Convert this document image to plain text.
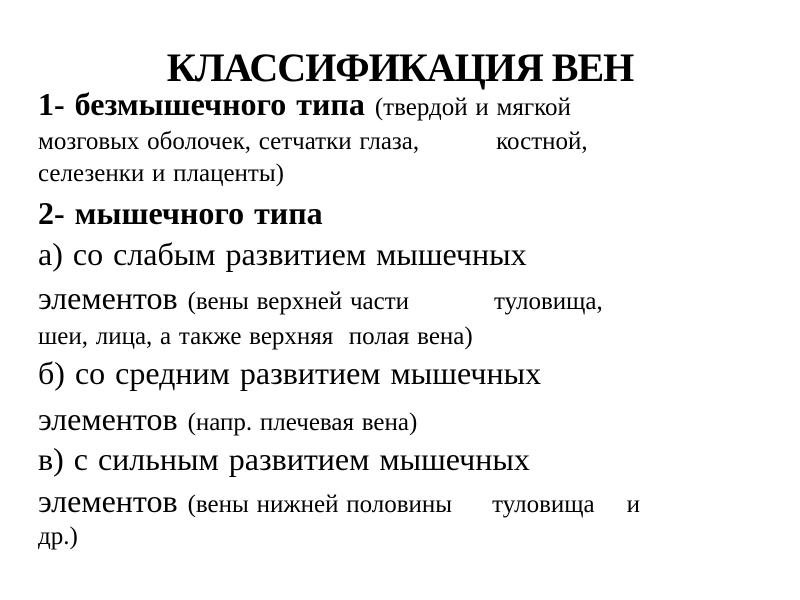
КЛАССИФИКАЦИЯ ВЕН
1- безмышечного типа (твердой и мягкой
мозговых оболочек, сетчатки глаза,	костной,
селезенки и плаценты)
2- мышечного типа
а) со слабым развитием мышечных
элементов (вены верхней части	туловища,
шеи, лица, а также верхняя  полая вена)
б) со средним развитием мышечных
элементов (напр. плечевая вена)
в) с сильным развитием мышечных
элементов (вены нижней половины туловища и
др.)
